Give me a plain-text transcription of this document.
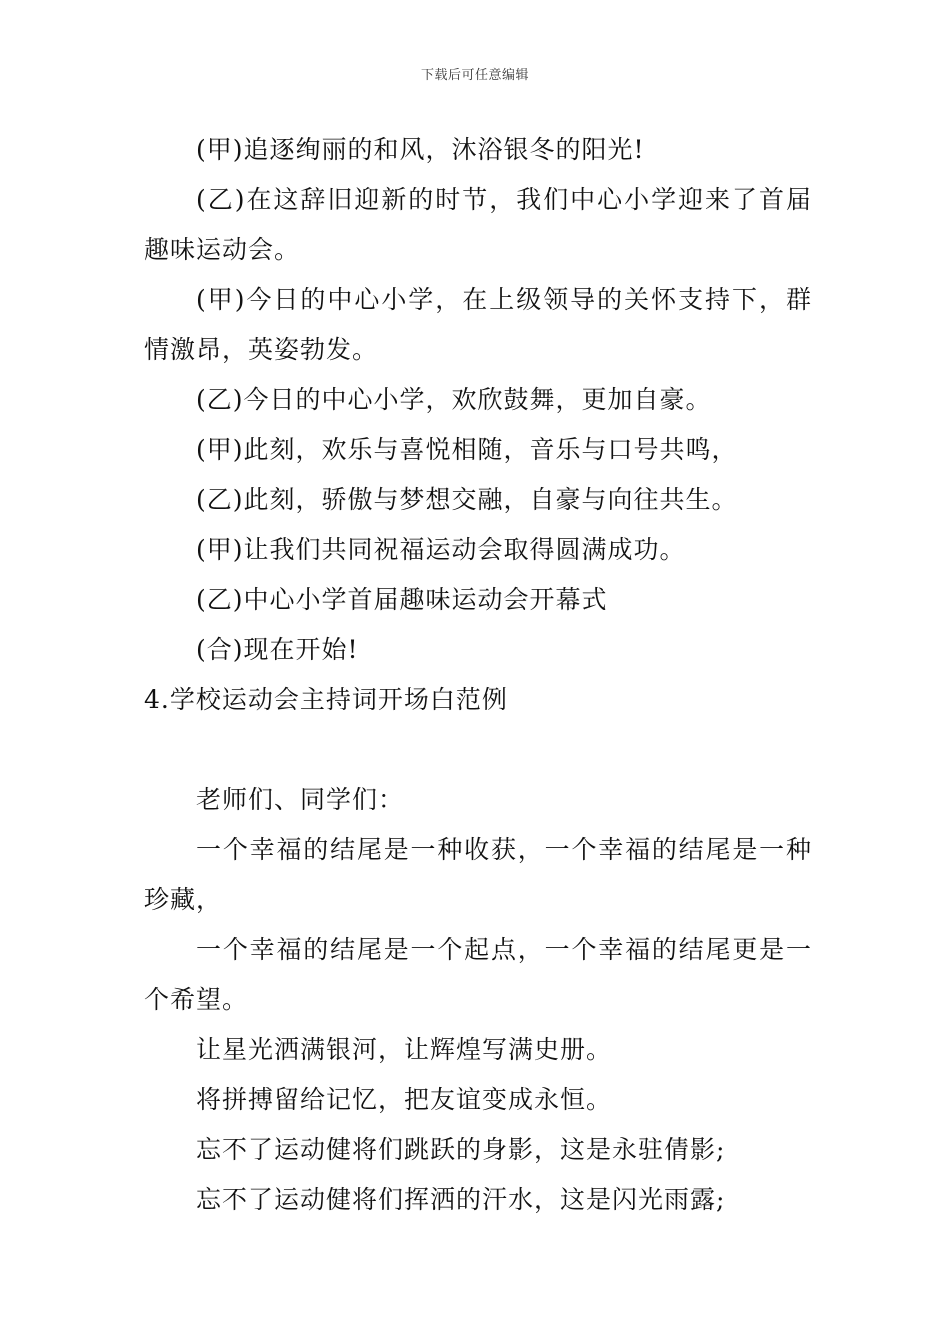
下载后可任意编辑

(甲)追逐绚丽的和风，沐浴银冬的阳光!

(乙)在这辞旧迎新的时节，我们中心小学迎来了首届趣味运动会。

(甲)今日的中心小学，在上级领导的关怀支持下，群情激昂，英姿勃发。

(乙)今日的中心小学，欢欣鼓舞，更加自豪。

(甲)此刻，欢乐与喜悦相随，音乐与口号共鸣，

(乙)此刻，骄傲与梦想交融，自豪与向往共生。

(甲)让我们共同祝福运动会取得圆满成功。

(乙)中心小学首届趣味运动会开幕式

(合)现在开始!

4.学校运动会主持词开场白范例

老师们、同学们：

一个幸福的结尾是一种收获，一个幸福的结尾是一种珍藏，

一个幸福的结尾是一个起点，一个幸福的结尾更是一个希望。

让星光洒满银河，让辉煌写满史册。

将拼搏留给记忆，把友谊变成永恒。

忘不了运动健将们跳跃的身影，这是永驻倩影;

忘不了运动健将们挥洒的汗水，这是闪光雨露;
